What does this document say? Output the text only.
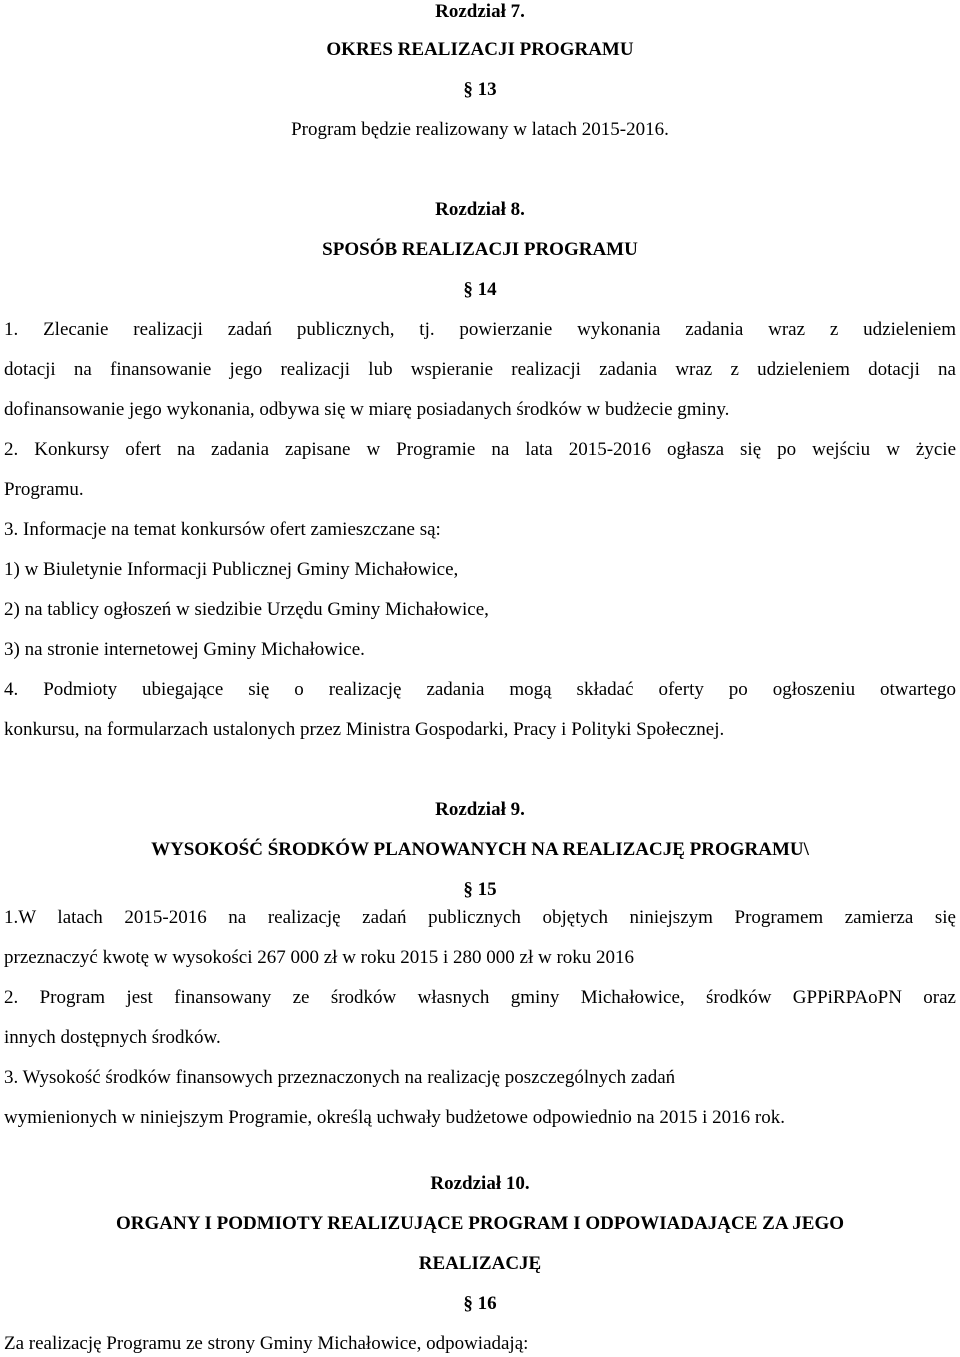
Rozdział 7.
OKRES REALIZACJI PROGRAMU
§ 13
Program będzie realizowany w latach 2015-2016.
Rozdział 8.
SPOSÓB REALIZACJI PROGRAMU
§ 14
1. Zlecanie realizacji zadań publicznych, tj. powierzanie wykonania zadania wraz z udzieleniem
dotacji na finansowanie jego realizacji lub wspieranie realizacji zadania wraz z udzieleniem dotacji na
dofinansowanie jego wykonania, odbywa się w miarę posiadanych środków w budżecie gminy.
2. Konkursy ofert na zadania zapisane w Programie na lata 2015-2016 ogłasza się po wejściu w życie
Programu.
3. Informacje na temat konkursów ofert zamieszczane są:
1) w Biuletynie Informacji Publicznej Gminy Michałowice,
2) na tablicy ogłoszeń w siedzibie Urzędu Gminy Michałowice,
3) na stronie internetowej Gminy Michałowice.
4. Podmioty ubiegające się o realizację zadania mogą składać oferty po ogłoszeniu otwartego
konkursu, na formularzach ustalonych przez Ministra Gospodarki, Pracy i Polityki Społecznej.
Rozdział 9.
WYSOKOŚĆ ŚRODKÓW PLANOWANYCH NA REALIZACJĘ PROGRAMU\
§ 15
1.W latach 2015-2016 na realizację zadań publicznych objętych niniejszym Programem zamierza się
przeznaczyć kwotę w wysokości 267 000 zł w roku 2015 i 280 000 zł w roku 2016
2. Program jest finansowany ze środków własnych gminy Michałowice, środków GPPiRPAoPN oraz
innych dostępnych środków.
3. Wysokość środków finansowych przeznaczonych na realizację poszczególnych zadań
wymienionych w niniejszym Programie, określą uchwały budżetowe odpowiednio na 2015 i 2016 rok.
Rozdział 10.
ORGANY I PODMIOTY REALIZUJĄCE PROGRAM I ODPOWIADAJĄCE ZA JEGO
REALIZACJĘ
§ 16
Za realizację Programu ze strony Gminy Michałowice, odpowiadają:
